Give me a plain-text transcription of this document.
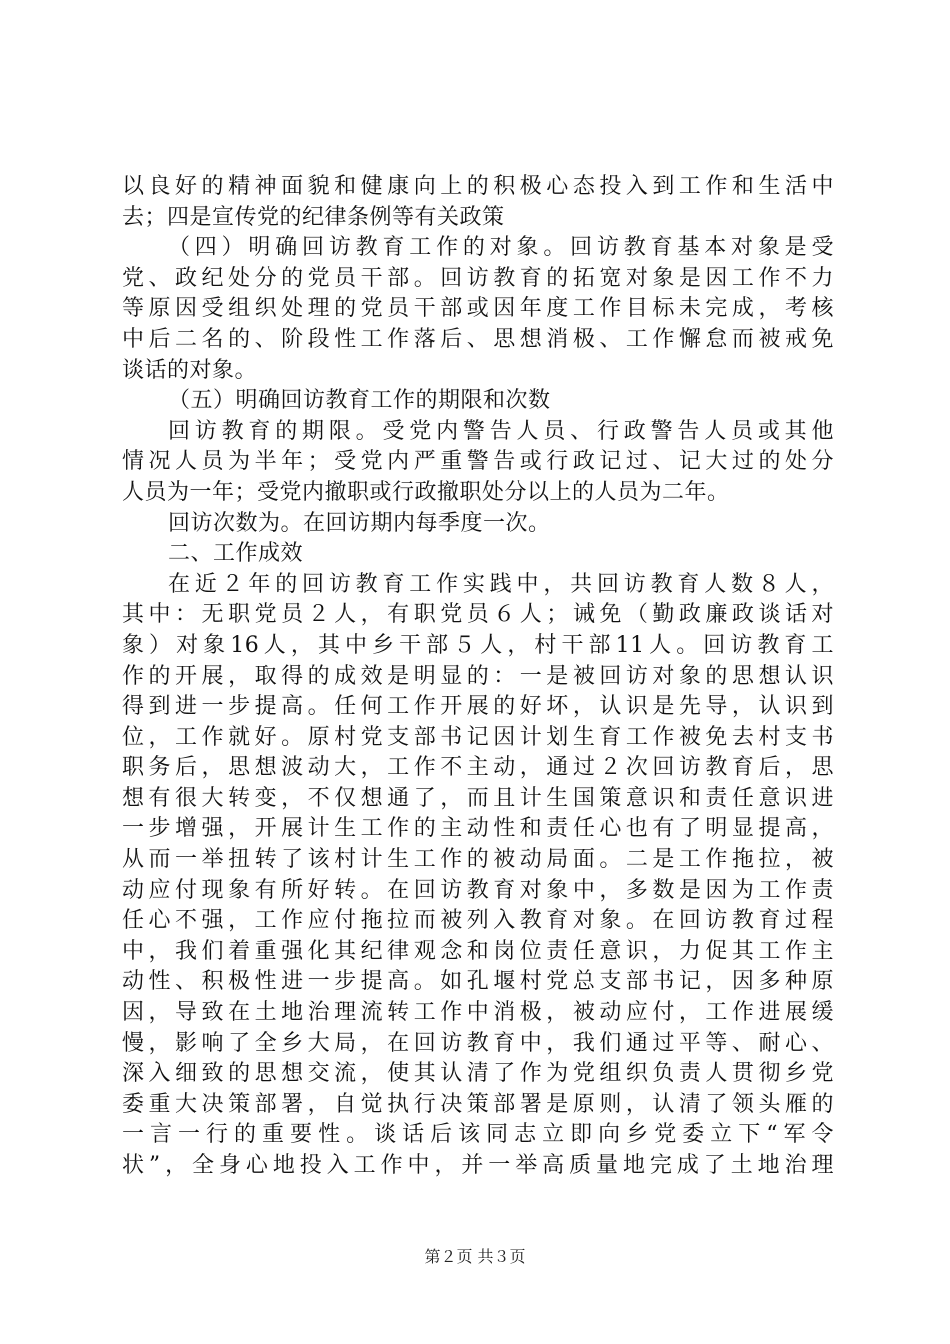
以良好的精神面貌和健康向上的积极心态投入到工作和生活中
去；四是宣传党的纪律条例等有关政策
（四）明确回访教育工作的对象。回访教育基本对象是受
党、政纪处分的党员干部。回访教育的拓宽对象是因工作不力
等原因受组织处理的党员干部或因年度工作目标未完成，考核
中后二名的、阶段性工作落后、思想消极、工作懈怠而被戒免
谈话的对象。
（五）明确回访教育工作的期限和次数
回访教育的期限。受党内警告人员、行政警告人员或其他
情况人员为半年；受党内严重警告或行政记过、记大过的处分
人员为一年；受党内撤职或行政撤职处分以上的人员为二年。
回访次数为。在回访期内每季度一次。
二、工作成效
在近２年的回访教育工作实践中，共回访教育人数８人，
其中：无职党员２人，有职党员６人；诫免（勤政廉政谈话对
象）对象16人，其中乡干部５人，村干部11人。回访教育工
作的开展，取得的成效是明显的：一是被回访对象的思想认识
得到进一步提高。任何工作开展的好坏，认识是先导，认识到
位，工作就好。原村党支部书记因计划生育工作被免去村支书
职务后，思想波动大，工作不主动，通过２次回访教育后，思
想有很大转变，不仅想通了，而且计生国策意识和责任意识进
一步增强，开展计生工作的主动性和责任心也有了明显提高，
从而一举扭转了该村计生工作的被动局面。二是工作拖拉，被
动应付现象有所好转。在回访教育对象中，多数是因为工作责
任心不强，工作应付拖拉而被列入教育对象。在回访教育过程
中，我们着重强化其纪律观念和岗位责任意识，力促其工作主
动性、积极性进一步提高。如孔堰村党总支部书记，因多种原
因，导致在土地治理流转工作中消极，被动应付，工作进展缓
慢，影响了全乡大局，在回访教育中，我们通过平等、耐心、
深入细致的思想交流，使其认清了作为党组织负责人贯彻乡党
委重大决策部署，自觉执行决策部署是原则，认清了领头雁的
一言一行的重要性。谈话后该同志立即向乡党委立下“军令
状”，全身心地投入工作中，并一举高质量地完成了土地治理
第２页 共３页
